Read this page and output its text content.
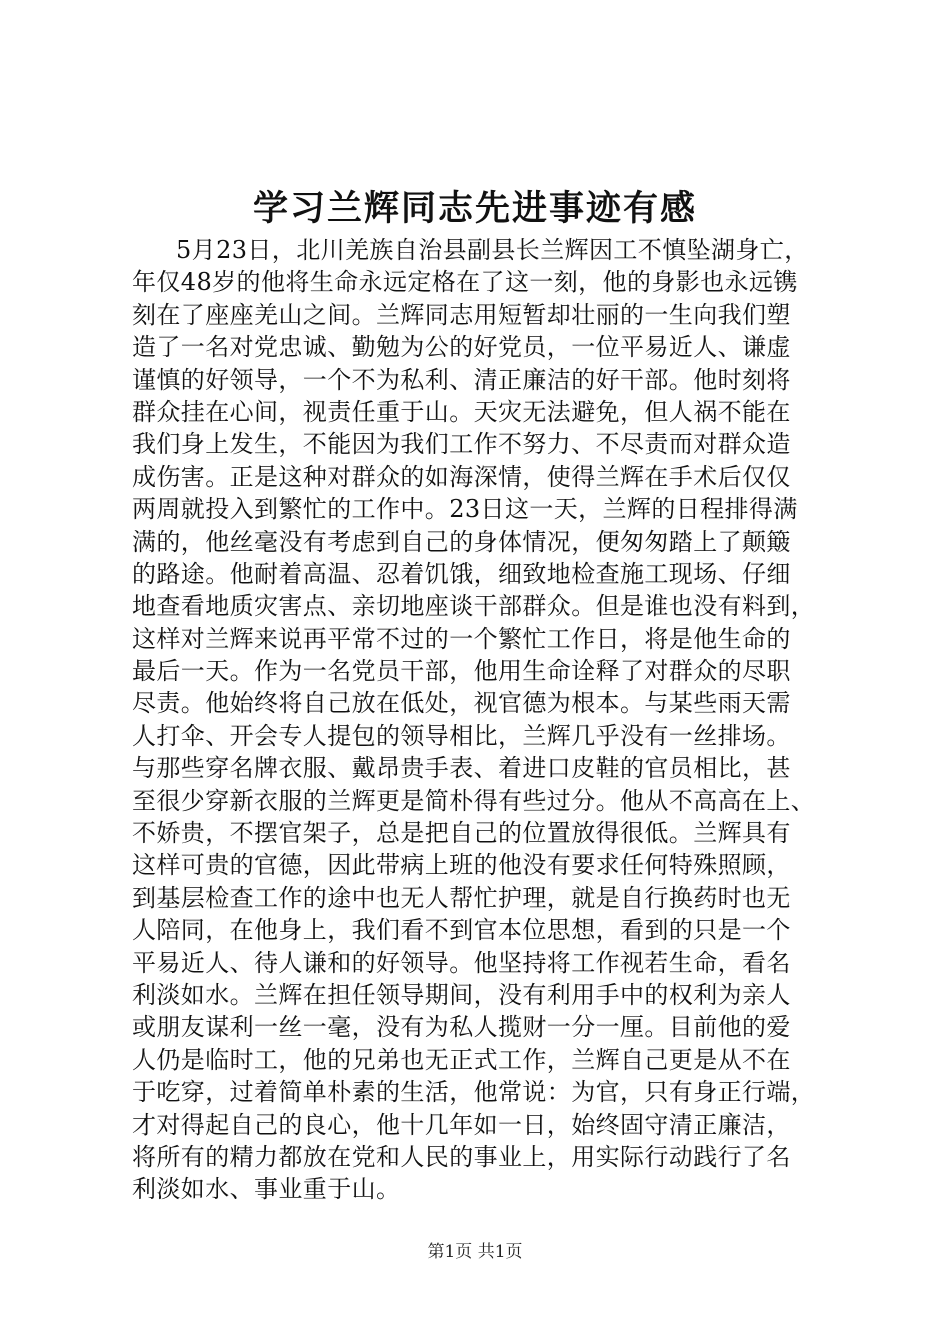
学习兰辉同志先进事迹有感
5月23日，北川羌族自治县副县长兰辉因工不慎坠湖身亡，
年仅48岁的他将生命永远定格在了这一刻，他的身影也永远镌
刻在了座座羌山之间。兰辉同志用短暂却壮丽的一生向我们塑
造了一名对党忠诚、勤勉为公的好党员，一位平易近人、谦虚
谨慎的好领导，一个不为私利、清正廉洁的好干部。他时刻将
群众挂在心间，视责任重于山。天灾无法避免，但人祸不能在
我们身上发生，不能因为我们工作不努力、不尽责而对群众造
成伤害。正是这种对群众的如海深情，使得兰辉在手术后仅仅
两周就投入到繁忙的工作中。23日这一天，兰辉的日程排得满
满的，他丝毫没有考虑到自己的身体情况，便匆匆踏上了颠簸
的路途。他耐着高温、忍着饥饿，细致地检查施工现场、仔细
地查看地质灾害点、亲切地座谈干部群众。但是谁也没有料到，
这样对兰辉来说再平常不过的一个繁忙工作日，将是他生命的
最后一天。作为一名党员干部，他用生命诠释了对群众的尽职
尽责。他始终将自己放在低处，视官德为根本。与某些雨天需
人打伞、开会专人提包的领导相比，兰辉几乎没有一丝排场。
与那些穿名牌衣服、戴昂贵手表、着进口皮鞋的官员相比，甚
至很少穿新衣服的兰辉更是简朴得有些过分。他从不高高在上、
不娇贵，不摆官架子，总是把自己的位置放得很低。兰辉具有
这样可贵的官德，因此带病上班的他没有要求任何特殊照顾，
到基层检查工作的途中也无人帮忙护理，就是自行换药时也无
人陪同，在他身上，我们看不到官本位思想，看到的只是一个
平易近人、待人谦和的好领导。他坚持将工作视若生命，看名
利淡如水。兰辉在担任领导期间，没有利用手中的权利为亲人
或朋友谋利一丝一毫，没有为私人揽财一分一厘。目前他的爱
人仍是临时工，他的兄弟也无正式工作，兰辉自己更是从不在
于吃穿，过着简单朴素的生活，他常说：为官，只有身正行端，
才对得起自己的良心，他十几年如一日，始终固守清正廉洁，
将所有的精力都放在党和人民的事业上，用实际行动践行了名
利淡如水、事业重于山。
第1页 共1页
